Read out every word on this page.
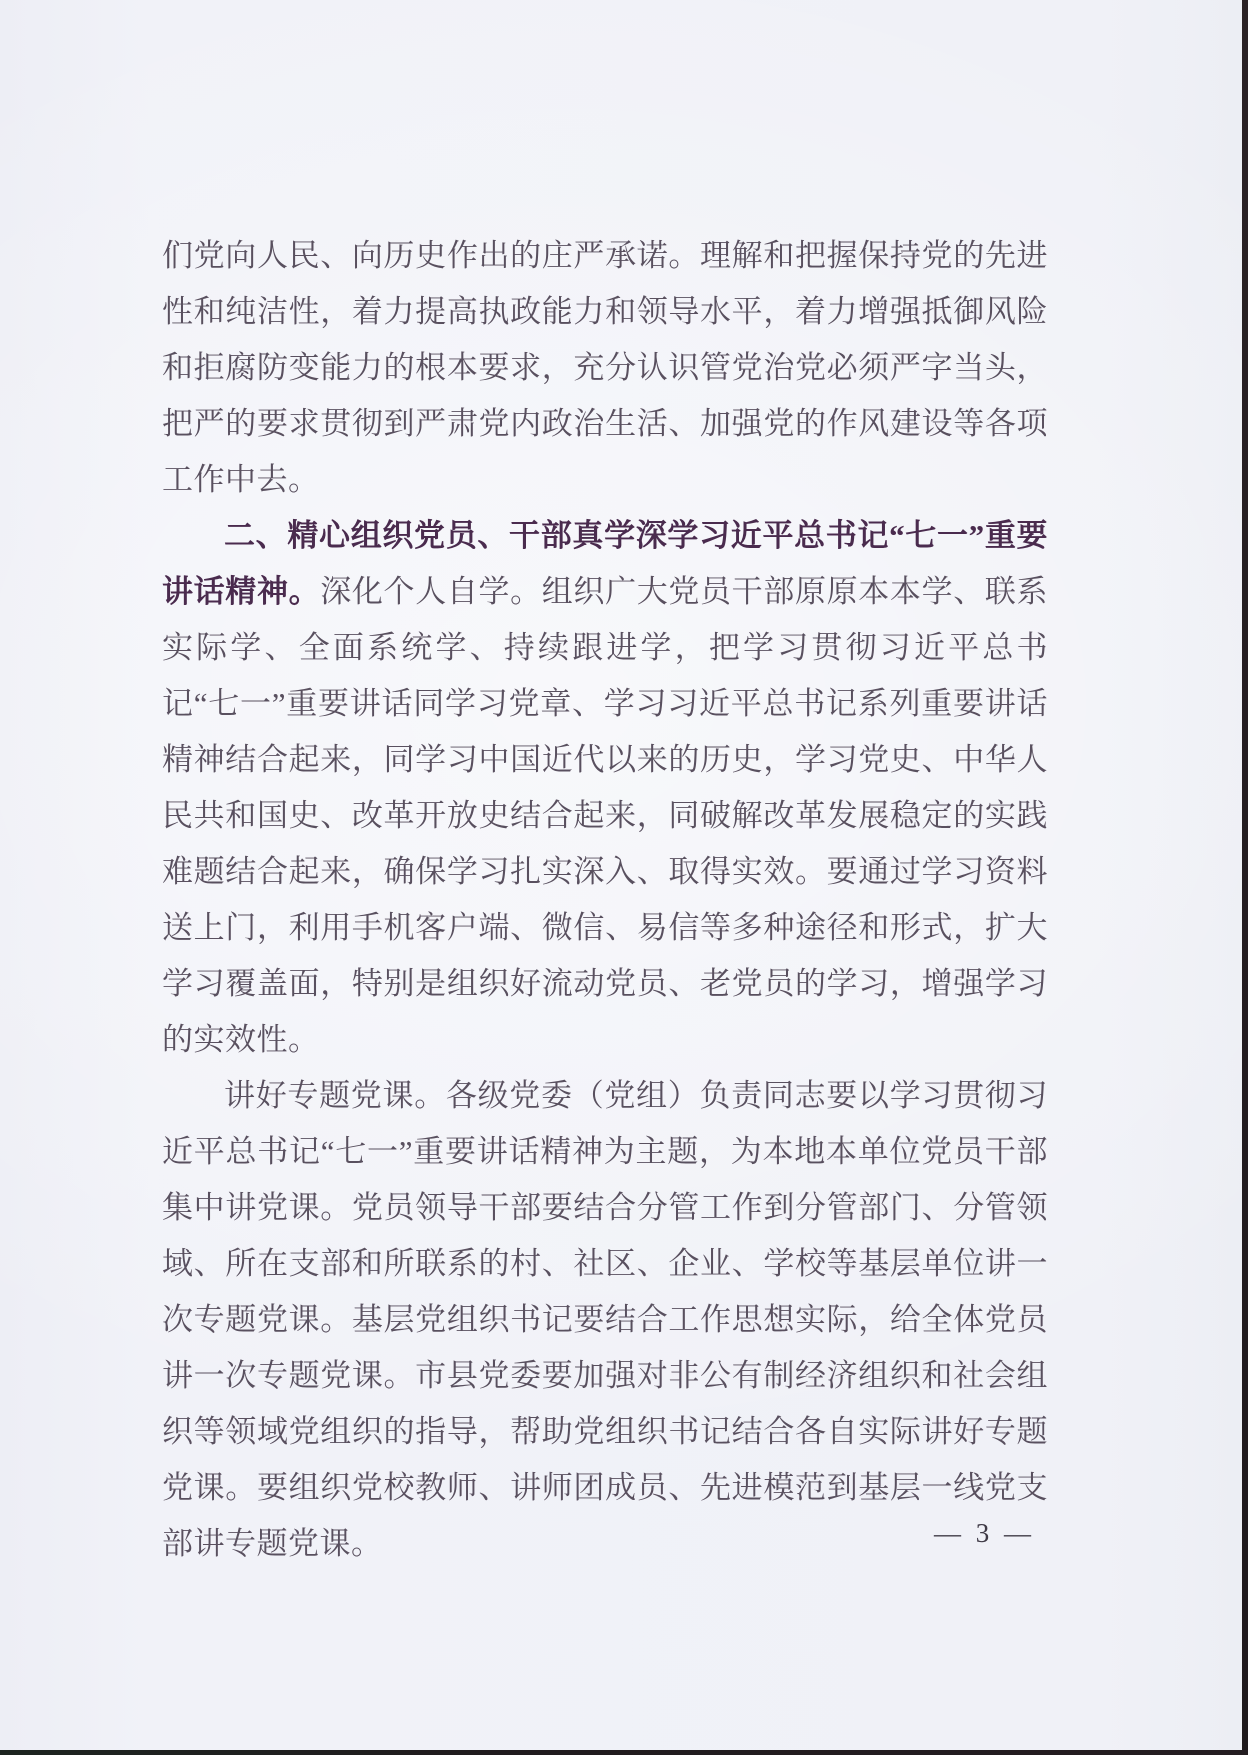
们党向人民、向历史作出的庄严承诺。理解和把握保持党的先进性和纯洁性，着力提高执政能力和领导水平，着力增强抵御风险和拒腐防变能力的根本要求，充分认识管党治党必须严字当头，把严的要求贯彻到严肃党内政治生活、加强党的作风建设等各项工作中去。

二、精心组织党员、干部真学深学习近平总书记“七一”重要讲话精神。深化个人自学。组织广大党员干部原原本本学、联系实际学、全面系统学、持续跟进学，把学习贯彻习近平总书记“七一”重要讲话同学习党章、学习习近平总书记系列重要讲话精神结合起来，同学习中国近代以来的历史，学习党史、中华人民共和国史、改革开放史结合起来，同破解改革发展稳定的实践难题结合起来，确保学习扎实深入、取得实效。要通过学习资料送上门，利用手机客户端、微信、易信等多种途径和形式，扩大学习覆盖面，特别是组织好流动党员、老党员的学习，增强学习的实效性。

讲好专题党课。各级党委（党组）负责同志要以学习贯彻习近平总书记“七一”重要讲话精神为主题，为本地本单位党员干部集中讲党课。党员领导干部要结合分管工作到分管部门、分管领域、所在支部和所联系的村、社区、企业、学校等基层单位讲一次专题党课。基层党组织书记要结合工作思想实际，给全体党员讲一次专题党课。市县党委要加强对非公有制经济组织和社会组织等领域党组织的指导，帮助党组织书记结合各自实际讲好专题党课。要组织党校教师、讲师团成员、先进模范到基层一线党支部讲专题党课。	— 3 —
